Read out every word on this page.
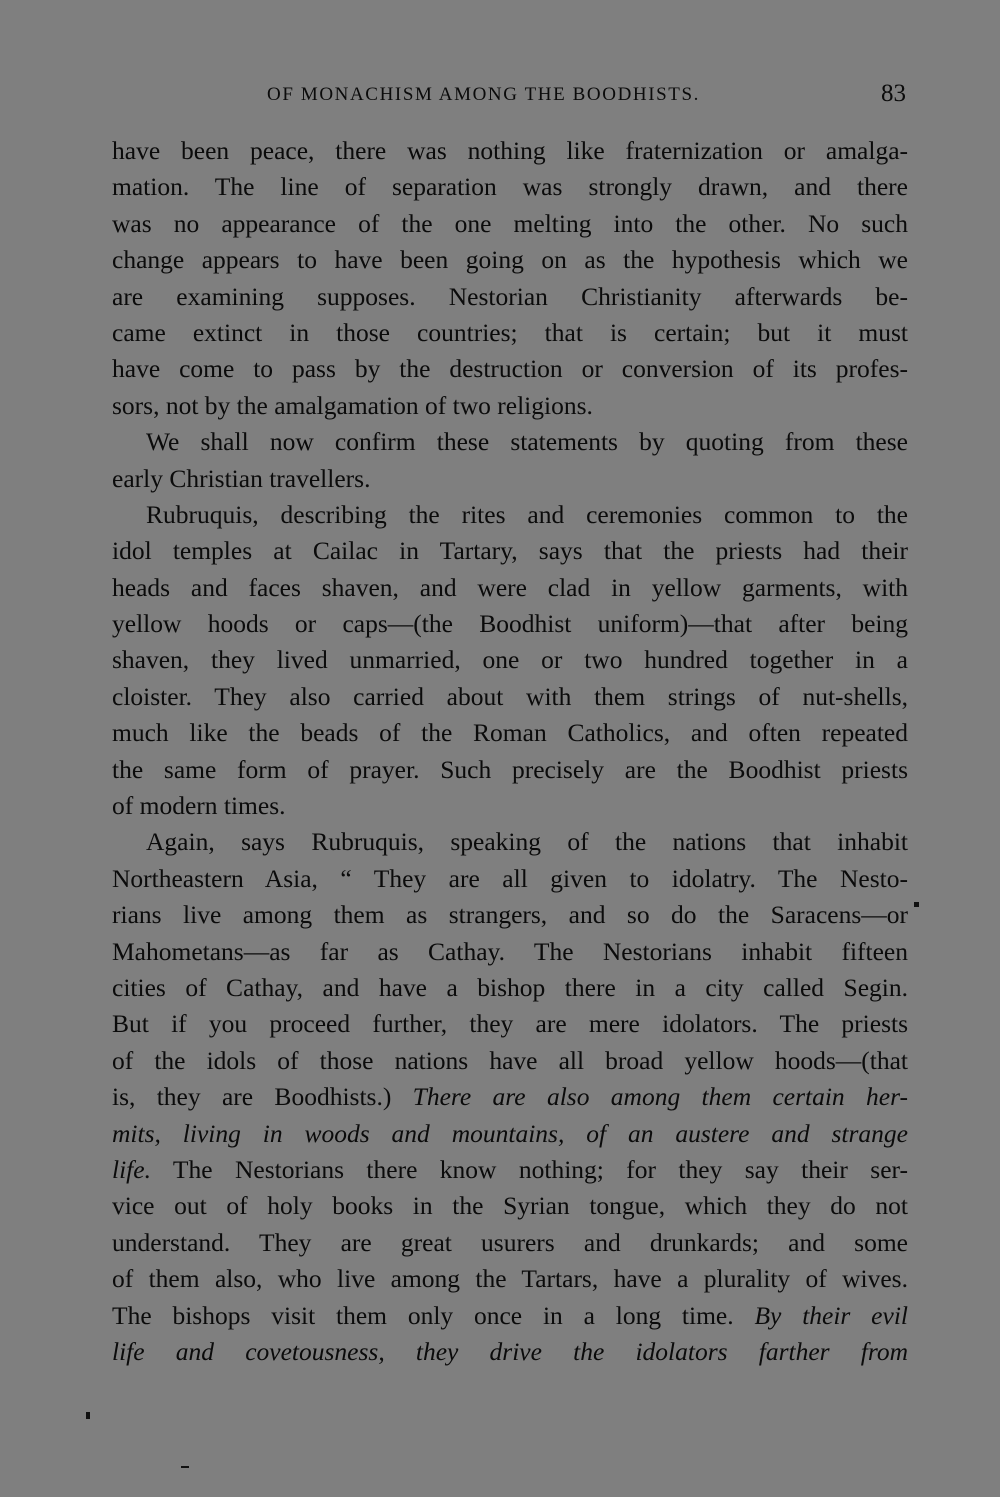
OF MONACHISM AMONG THE BOODHISTS.	83
have been peace, there was nothing like fraternization or amalga-
mation. The line of separation was strongly drawn, and there
was no appearance of the one melting into the other. No such
change appears to have been going on as the hypothesis which we
are examining supposes. Nestorian Christianity afterwards be-
came extinct in those countries; that is certain; but it must
have come to pass by the destruction or conversion of its profes-
sors, not by the amalgamation of two religions.
We shall now confirm these statements by quoting from these
early Christian travellers.
Rubruquis, describing the rites and ceremonies common to the
idol temples at Cailac in Tartary, says that the priests had their
heads and faces shaven, and were clad in yellow garments, with
yellow hoods or caps—(the Boodhist uniform)—that after being
shaven, they lived unmarried, one or two hundred together in a
cloister. They also carried about with them strings of nut-shells,
much like the beads of the Roman Catholics, and often repeated
the same form of prayer. Such precisely are the Boodhist priests
of modern times.
Again, says Rubruquis, speaking of the nations that inhabit
Northeastern Asia, “ They are all given to idolatry. The Nesto-
rians live among them as strangers, and so do the Saracens—or
Mahometans—as far as Cathay. The Nestorians inhabit fifteen
cities of Cathay, and have a bishop there in a city called Segin.
But if you proceed further, they are mere idolators. The priests
of the idols of those nations have all broad yellow hoods—(that
is, they are Boodhists.) There are also among them certain her-
mits, living in woods and mountains, of an austere and strange
life. The Nestorians there know nothing; for they say their ser-
vice out of holy books in the Syrian tongue, which they do not
understand. They are great usurers and drunkards; and some
of them also, who live among the Tartars, have a plurality of wives.
The bishops visit them only once in a long time. By their evil
life and covetousness, they drive the idolators farther from
